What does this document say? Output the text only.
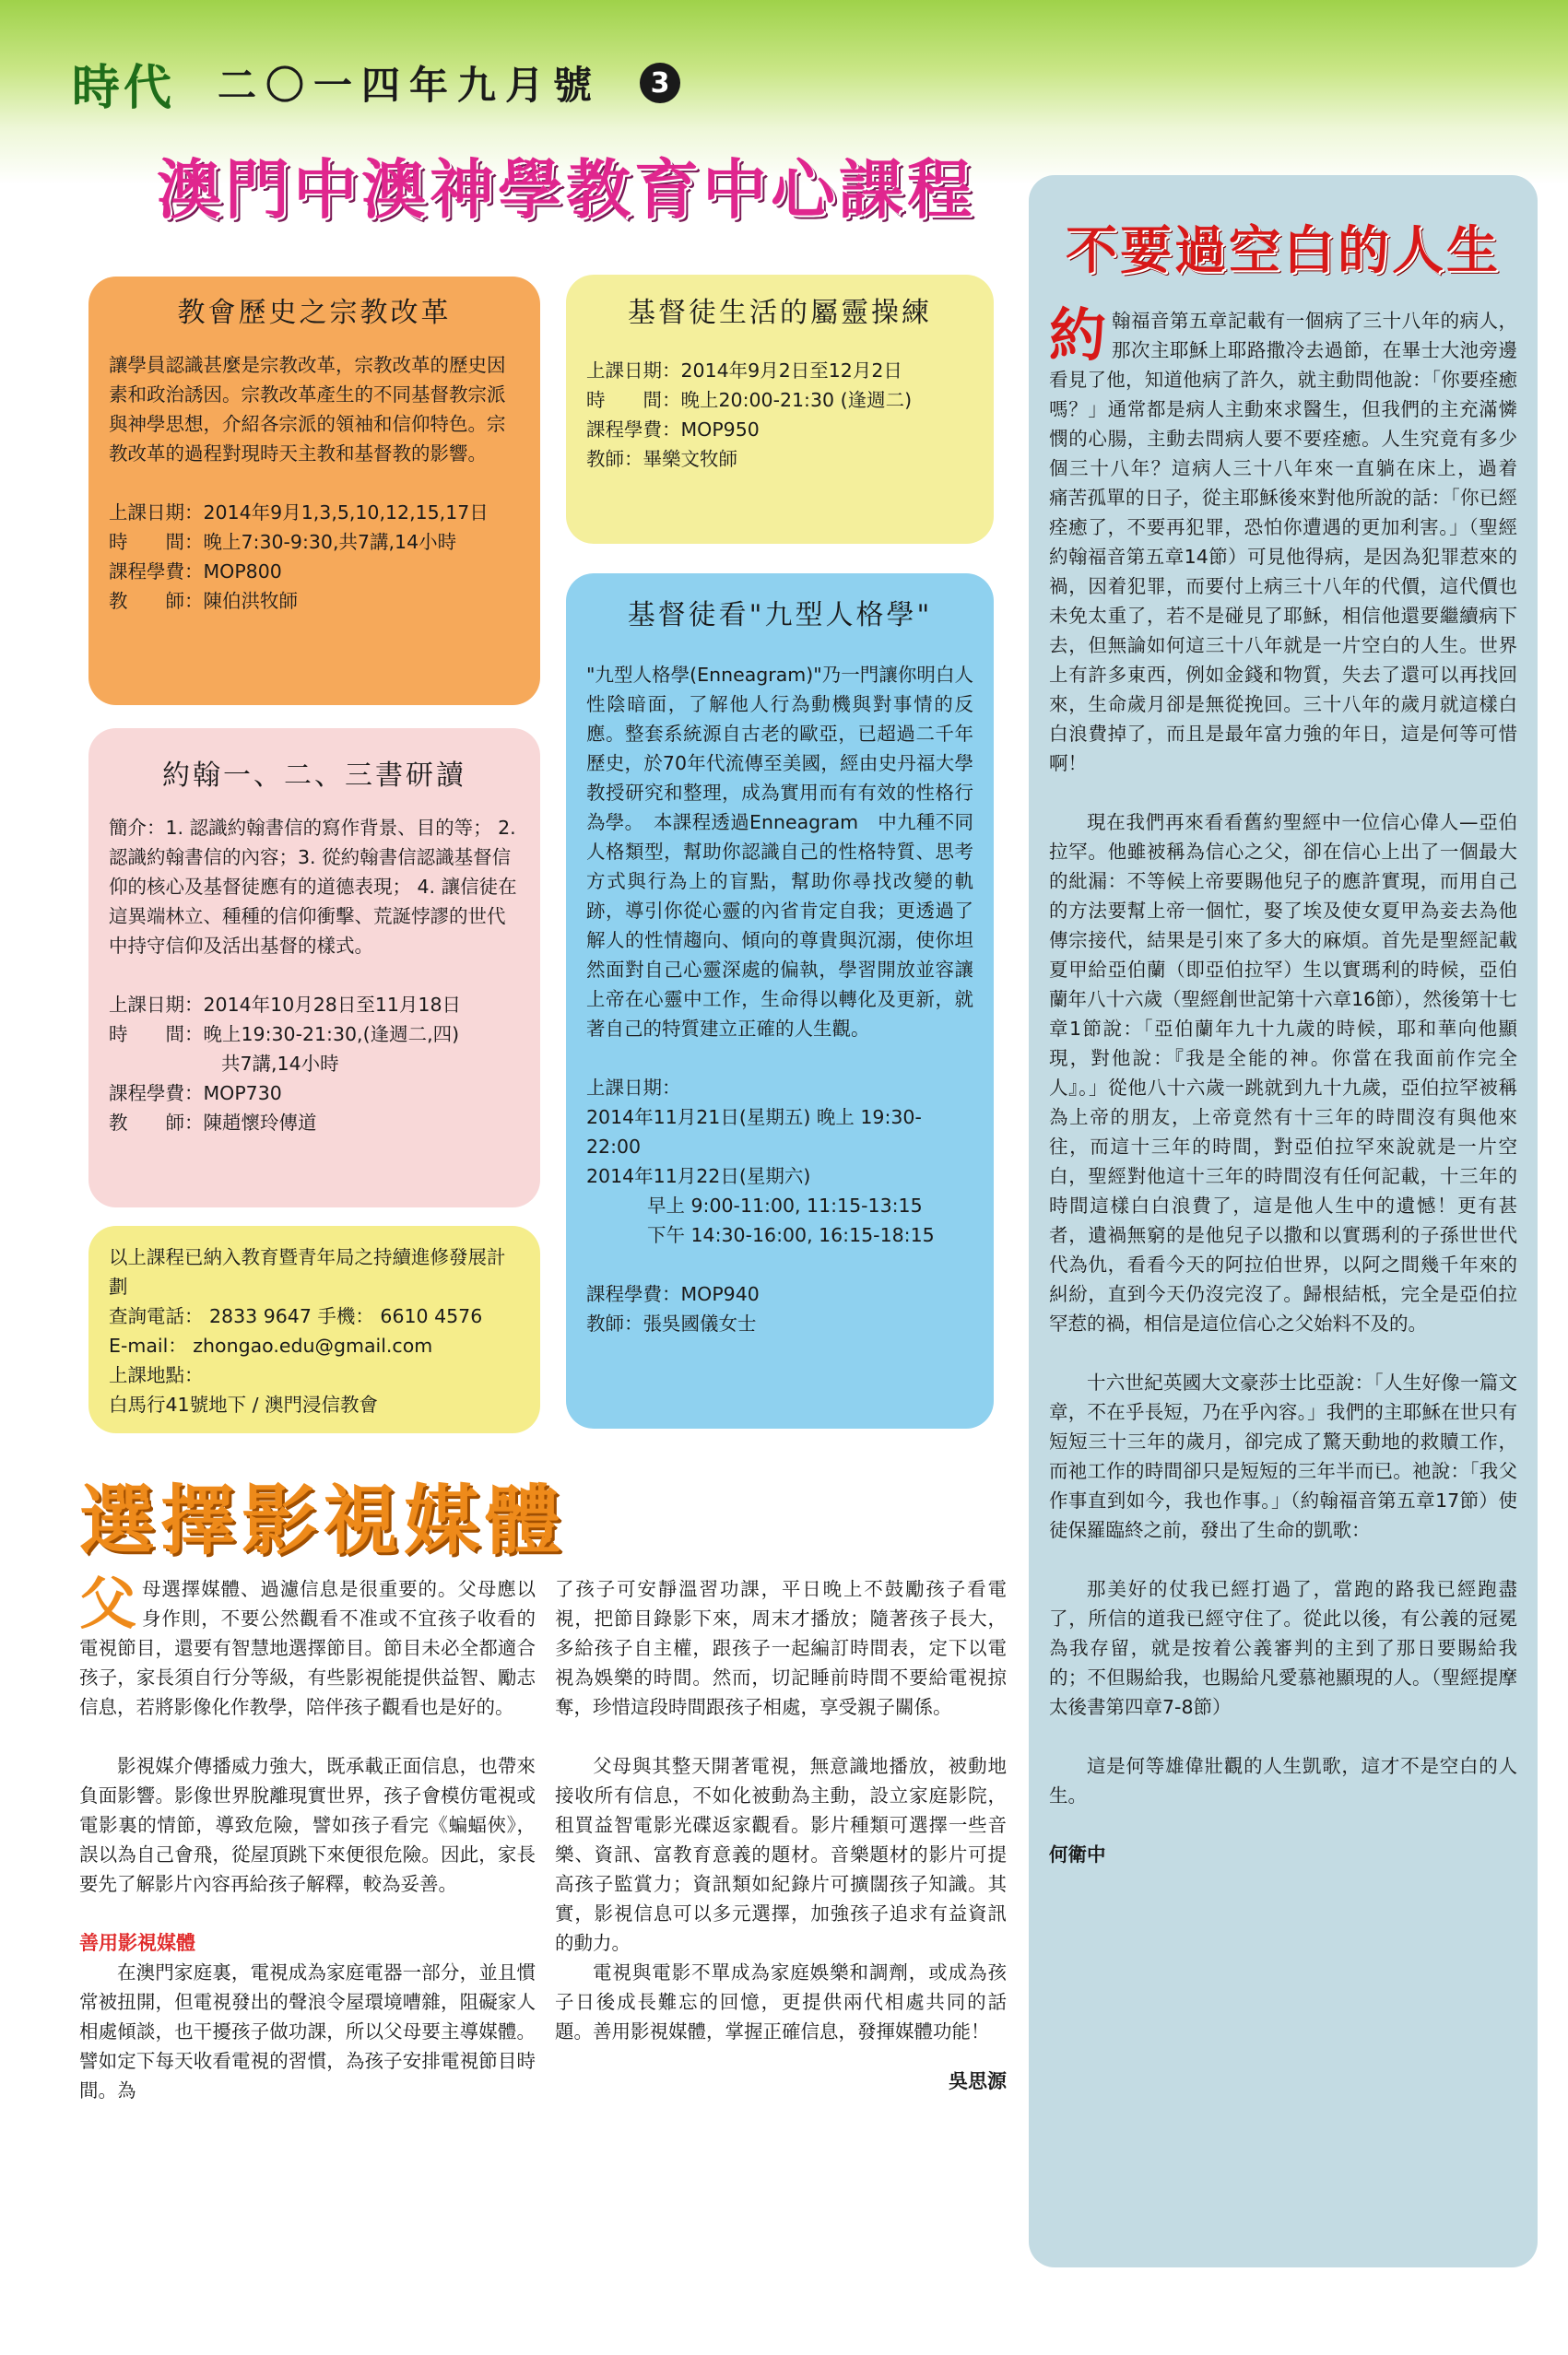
時代 二〇一四年九月號	3
澳門中澳神學教育中心課程
教會歷史之宗教改革

讓學員認識甚麼是宗教改革，宗教改革的歷史因素和政治誘因。宗教改革產生的不同基督教宗派與神學思想，介紹各宗派的領袖和信仰特色。宗教改革的過程對現時天主教和基督教的影響。

上課日期：2014年9月1,3,5,10,12,15,17日

時　　間：晚上7:30-9:30,共7講,14小時

課程學費：MOP800

教　　師：陳伯洪牧師

約翰一、二、三書研讀

簡介：1. 認識約翰書信的寫作背景、目的等； 2. 認識約翰書信的內容；3. 從約翰書信認識基督信仰的核心及基督徒應有的道德表現； 4. 讓信徒在這異端林立、種種的信仰衝擊、荒誕悖謬的世代中持守信仰及活出基督的樣式。

上課日期：2014年10月28日至11月18日

時　　間：晚上19:30-21:30,(逢週二,四)

共7講,14小時

課程學費：MOP730

教　　師：陳趙懷玲傳道

以上課程已納入教育暨青年局之持續進修發展計劃

查詢電話： 2833 9647 手機： 6610 4576

E-mail： zhongao.edu@gmail.com

上課地點：

白馬行41號地下 / 澳門浸信教會

基督徒生活的屬靈操練

上課日期：2014年9月2日至12月2日

時　　間：晚上20:00-21:30 (逢週二)

課程學費：MOP950

教師：畢樂文牧師

基督徒看"九型人格學"

"九型人格學(Enneagram)"乃一門讓你明白人性陰暗面，了解他人行為動機與對事情的反應。整套系統源自古老的歐亞，已超過二千年歷史，於70年代流傳至美國，經由史丹福大學教授研究和整理，成為實用而有有效的性格行為學。　本課程透過Enneagram　中九種不同人格類型，幫助你認識自己的性格特質、思考方式與行為上的盲點，幫助你尋找改變的軌跡，導引你從心靈的內省肯定自我；更透過了解人的性情趨向、傾向的尊貴與沉溺，使你坦然面對自己心靈深處的偏執，學習開放並容讓上帝在心靈中工作，生命得以轉化及更新，就著自己的特質建立正確的人生觀。

上課日期：

2014年11月21日(星期五) 晚上 19:30-22:00

2014年11月22日(星期六)

早上 9:00-11:00, 11:15-13:15

下午 14:30-16:00, 16:15-18:15

課程學費：MOP940

教師：張吳國儀女士

不要過空白的人生

約翰福音第五章記載有一個病了三十八年的病人，那次主耶穌上耶路撒冷去過節，在畢士大池旁邊看見了他，知道他病了許久，就主動問他說：「你要痊癒嗎？」通常都是病人主動來求醫生，但我們的主充滿憐憫的心腸，主動去問病人要不要痊癒。人生究竟有多少個三十八年？這病人三十八年來一直躺在床上，過着　痛苦孤單的日子，從主耶穌後來對他所說的話：「你已經痊癒了，不要再犯罪，恐怕你遭遇的更加利害。」（聖經約翰福音第五章14節）可見他得病，是因為犯罪惹來的禍，因着犯罪，而要付上病三十八年的代價，這代價也未免太重了，若不是碰見了耶穌，相信他還要繼續病下去，但無論如何這三十八年就是一片空白的人生。世界上有許多東西，例如金錢和物質，失去了還可以再找回來，生命歲月卻是無從挽回。三十八年的歲月就這樣白白浪費掉了，而且是最年富力強的年日，這是何等可惜啊！

現在我們再來看看舊約聖經中一位信心偉人—亞伯拉罕。他雖被稱為信心之父，卻在信心上出了一個最大的紕漏：不等候上帝要賜他兒子的應許實現，而用自己的方法要幫上帝一個忙，娶了埃及使女夏甲為妾去為他傳宗接代，結果是引來了多大的麻煩。首先是聖經記載夏甲給亞伯蘭（即亞伯拉罕）生以實瑪利的時候，亞伯蘭年八十六歲（聖經創世記第十六章16節），然後第十七章1節說：「亞伯蘭年九十九歲的時候，耶和華向他顯現，對他說：『我是全能的神。你當在我面前作完全人』。」從他八十六歲一跳就到九十九歲，亞伯拉罕被稱為上帝的朋友，上帝竟然有十三年的時間沒有與他來往，而這十三年的時間，對亞伯拉罕來說就是一片空白，聖經對他這十三年的時間沒有任何記載，十三年的時間這樣白白浪費了，這是他人生中的遺憾！更有甚者，遺禍無窮的是他兒子以撒和以實瑪利的子孫世世代代為仇，看看今天的阿拉伯世界，以阿之間幾千年來的糾紛，直到今天仍沒完沒了。歸根結柢，完全是亞伯拉罕惹的禍，相信是這位信心之父始料不及的。

十六世紀英國大文豪莎士比亞說：「人生好像一篇文章，不在乎長短，乃在乎內容。」我們的主耶穌在世只有短短三十三年的歲月，卻完成了驚天動地的救贖工作，而祂工作的時間卻只是短短的三年半而已。祂說：「我父作事直到如今，我也作事。」（約翰福音第五章17節）使徒保羅臨終之前，發出了生命的凱歌：

那美好的仗我已經打過了，當跑的路我已經跑盡了，所信的道我已經守住了。從此以後，有公義的冠冕為我存留，就是按着公義審判的主到了那日要賜給我的；不但賜給我，也賜給凡愛慕祂顯現的人。（聖經提摩太後書第四章7-8節）

這是何等雄偉壯觀的人生凱歌，這才不是空白的人生。

何衛中

選擇影視媒體

父母選擇媒體、過濾信息是很重要的。父母應以身作則，不要公然觀看不准或不宜孩子收看的電視節目，還要有智慧地選擇節目。節目未必全都適合孩子，家長須自行分等級，有些影視能提供益智、勵志信息，若將影像化作教學，陪伴孩子觀看也是好的。

影視媒介傳播威力強大，既承載正面信息，也帶來負面影響。影像世界脫離現實世界，孩子會模仿電視或電影裏的情節，導致危險，譬如孩子看完《蝙蝠俠》，誤以為自己會飛，從屋頂跳下來便很危險。因此，家長要先了解影片內容再給孩子解釋，較為妥善。

善用影視媒體

在澳門家庭裏，電視成為家庭電器一部分，並且慣常被扭開，但電視發出的聲浪令屋環境嘈雜，阻礙家人相處傾談，也干擾孩子做功課，所以父母要主導媒體。譬如定下每天收看電視的習慣，為孩子安排電視節目時間。為

了孩子可安靜溫習功課，平日晚上不鼓勵孩子看電視，把節目錄影下來，周末才播放；隨著孩子長大，多給孩子自主權，跟孩子一起編訂時間表，定下以電視為娛樂的時間。然而，切記睡前時間不要給電視掠奪，珍惜這段時間跟孩子相處，享受親子關係。

父母與其整天開著電視，無意識地播放，被動地接收所有信息，不如化被動為主動，設立家庭影院，租買益智電影光碟返家觀看。影片種類可選擇一些音樂、資訊、富教育意義的題材。音樂題材的影片可提高孩子監賞力；資訊類如紀錄片可擴闊孩子知識。其實，影視信息可以多元選擇，加強孩子追求有益資訊的動力。

電視與電影不單成為家庭娛樂和調劑，或成為孩子日後成長難忘的回憶，更提供兩代相處共同的話題。善用影視媒體，掌握正確信息，發揮媒體功能！

吳思源
